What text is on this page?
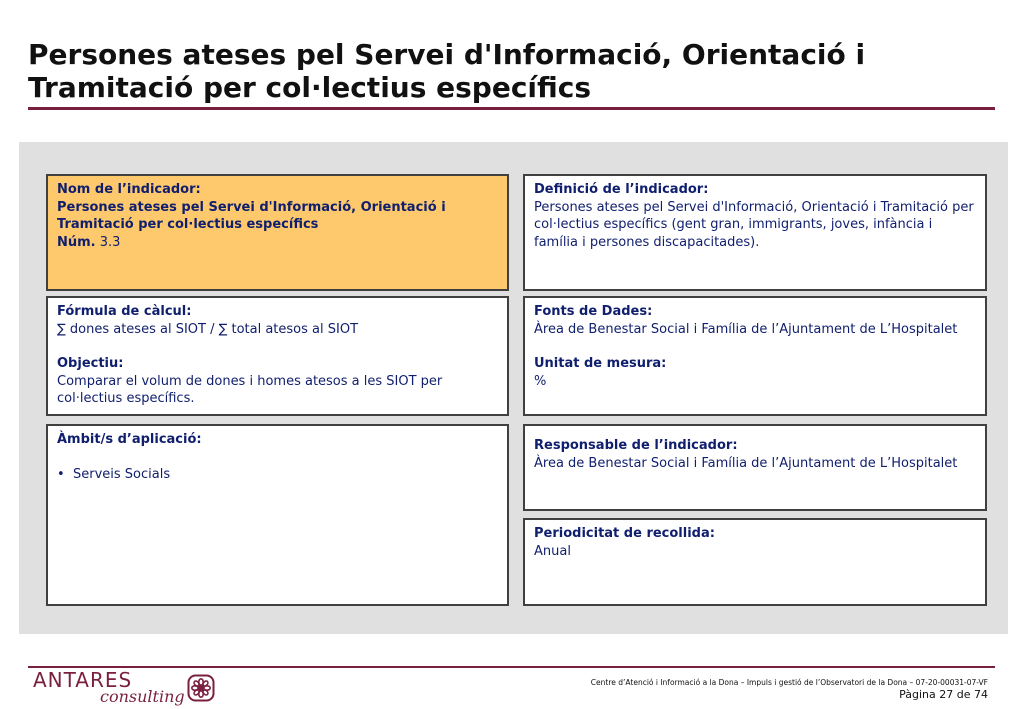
Persones ateses pel Servei d'Informació, Orientació i Tramitació per col·lectius específics
Nom de l’indicador:
Persones ateses pel Servei d'Informació, Orientació i Tramitació per col·lectius específics
Núm. 3.3
Definició de l’indicador:
Persones ateses pel Servei d'Informació, Orientació i Tramitació per col·lectius específics (gent gran, immigrants, joves, infància i família i persones discapacitades).
Fórmula de càlcul:
∑ dones ateses al SIOT / ∑ total atesos al SIOT
Objectiu:
Comparar el volum de dones i homes atesos a les SIOT per col·lectius específics.
Fonts de Dades:
Àrea de Benestar Social i Família de l’Ajuntament de L’Hospitalet
Unitat de mesura:
%
Àmbit/s d’aplicació:
• Serveis Socials
Responsable de l’indicador:
Àrea de Benestar Social i Família de l’Ajuntament de L’Hospitalet
Periodicitat de recollida:
Anual
ANTARES
consulting
Centre d’Atenció i Informació a la Dona – Impuls i gestió de l’Observatori de la Dona – 07-20-00031-07-VF
Pàgina 27 de 74
